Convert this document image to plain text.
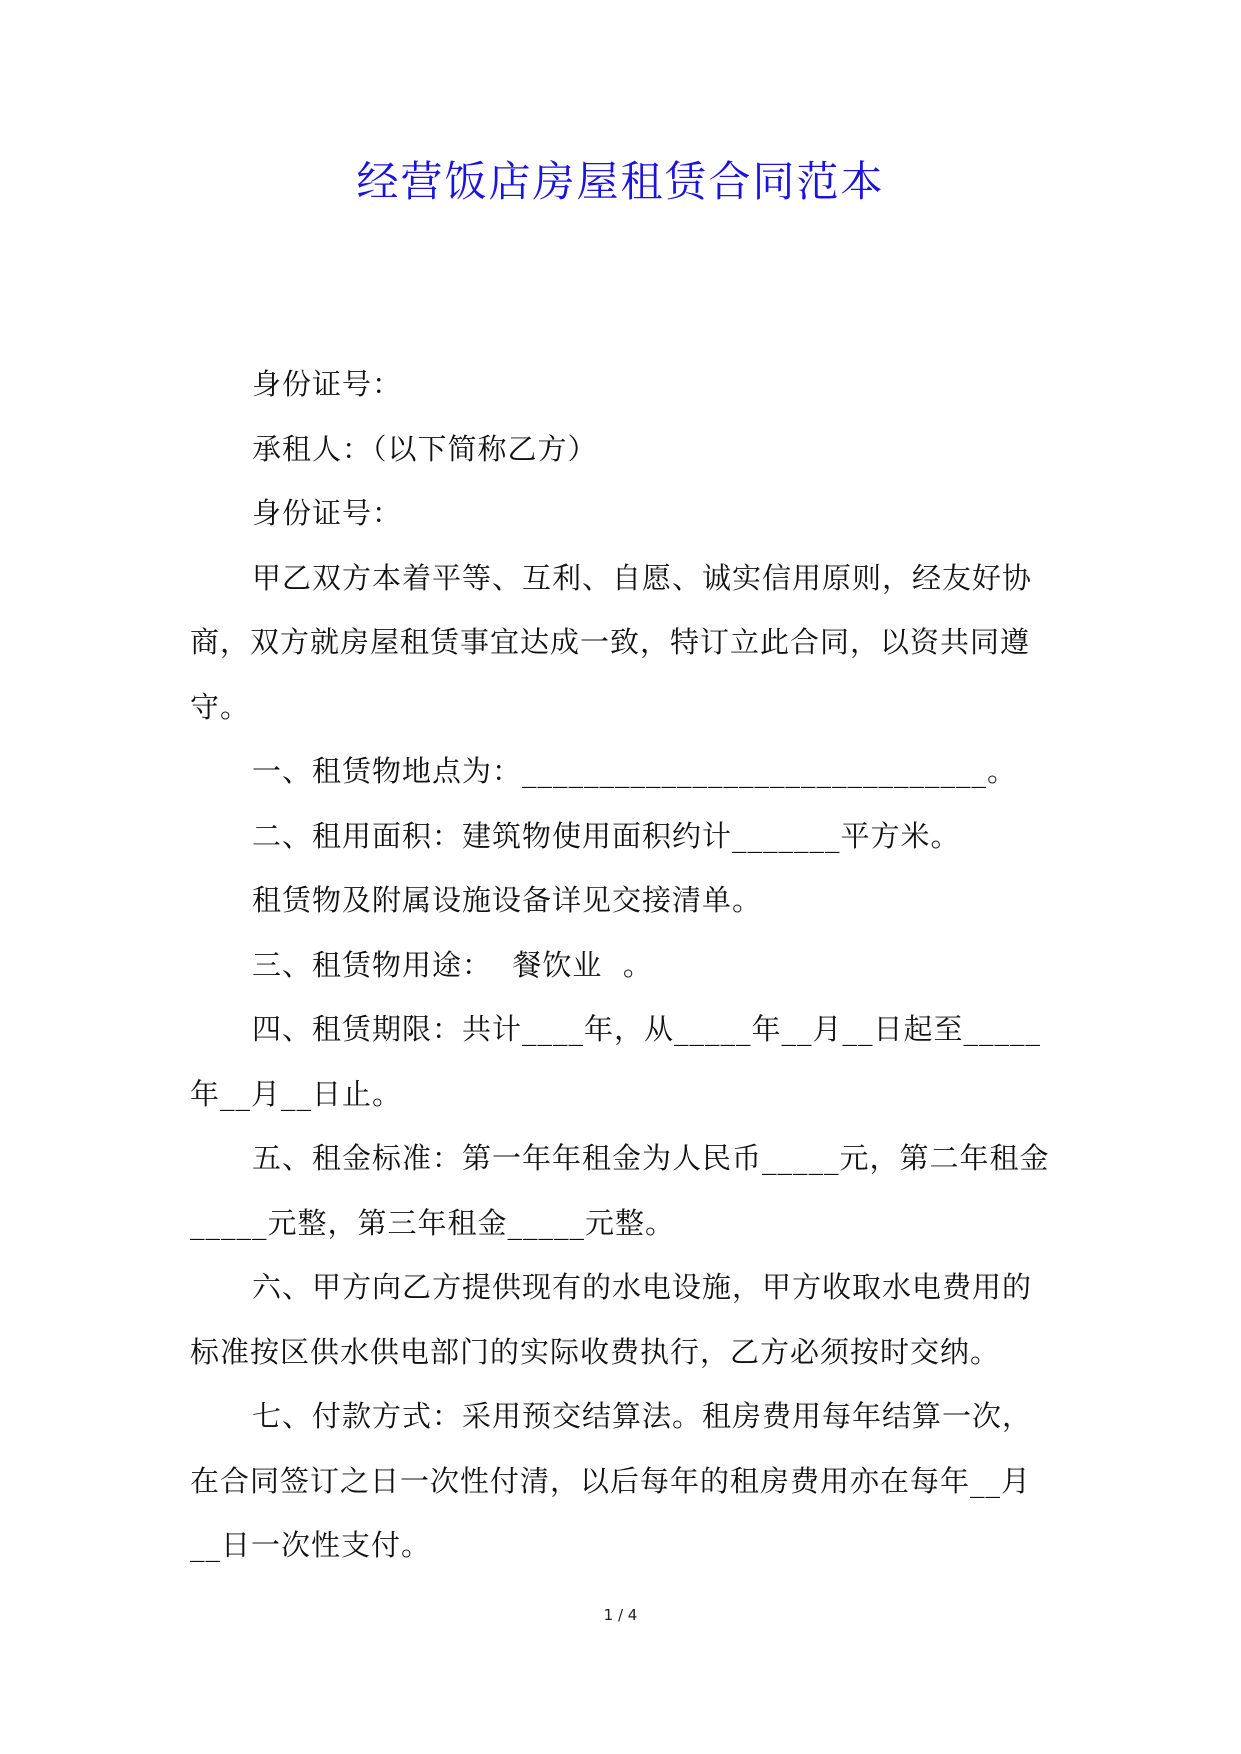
经营饭店房屋租赁合同范本

身份证号：

承租人：（以下简称乙方）

身份证号：

甲乙双方本着平等、互利、自愿、诚实信用原则，经友好协商，双方就房屋租赁事宜达成一致，特订立此合同，以资共同遵守。

一、租赁物地点为：______________________________。

二、租用面积：建筑物使用面积约计_______平方米。

租赁物及附属设施设备详见交接清单。

三、租赁物用途：  餐饮业  。

四、租赁期限：共计____年，从_____年__月__日起至_____年__月__日止。

五、租金标准：第一年年租金为人民币_____元，第二年租金_____元整，第三年租金_____元整。

六、甲方向乙方提供现有的水电设施，甲方收取水电费用的标准按区供水供电部门的实际收费执行，乙方必须按时交纳。

七、付款方式：采用预交结算法。租房费用每年结算一次，在合同签订之日一次性付清，以后每年的租房费用亦在每年__月__日一次性支付。

1 / 4
